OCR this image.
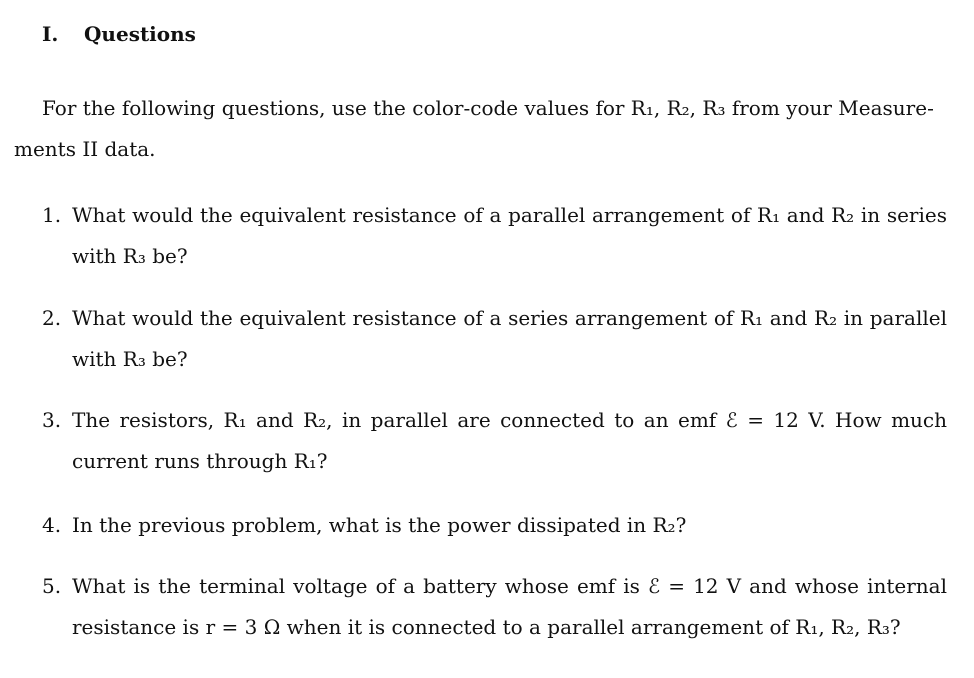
I. Questions
For the following questions, use the color-code values for R₁, R₂, R₃ from your Measure-
ments II data.
1. What would the equivalent resistance of a parallel arrangement of R₁ and R₂ in series
with R₃ be?
2. What would the equivalent resistance of a series arrangement of R₁ and R₂ in parallel
with R₃ be?
3. The resistors, R₁ and R₂, in parallel are connected to an emf ℰ = 12 V. How much
current runs through R₁?
4. In the previous problem, what is the power dissipated in R₂?
5. What is the terminal voltage of a battery whose emf is ℰ = 12 V and whose internal
resistance is r = 3 Ω when it is connected to a parallel arrangement of R₁, R₂, R₃?
